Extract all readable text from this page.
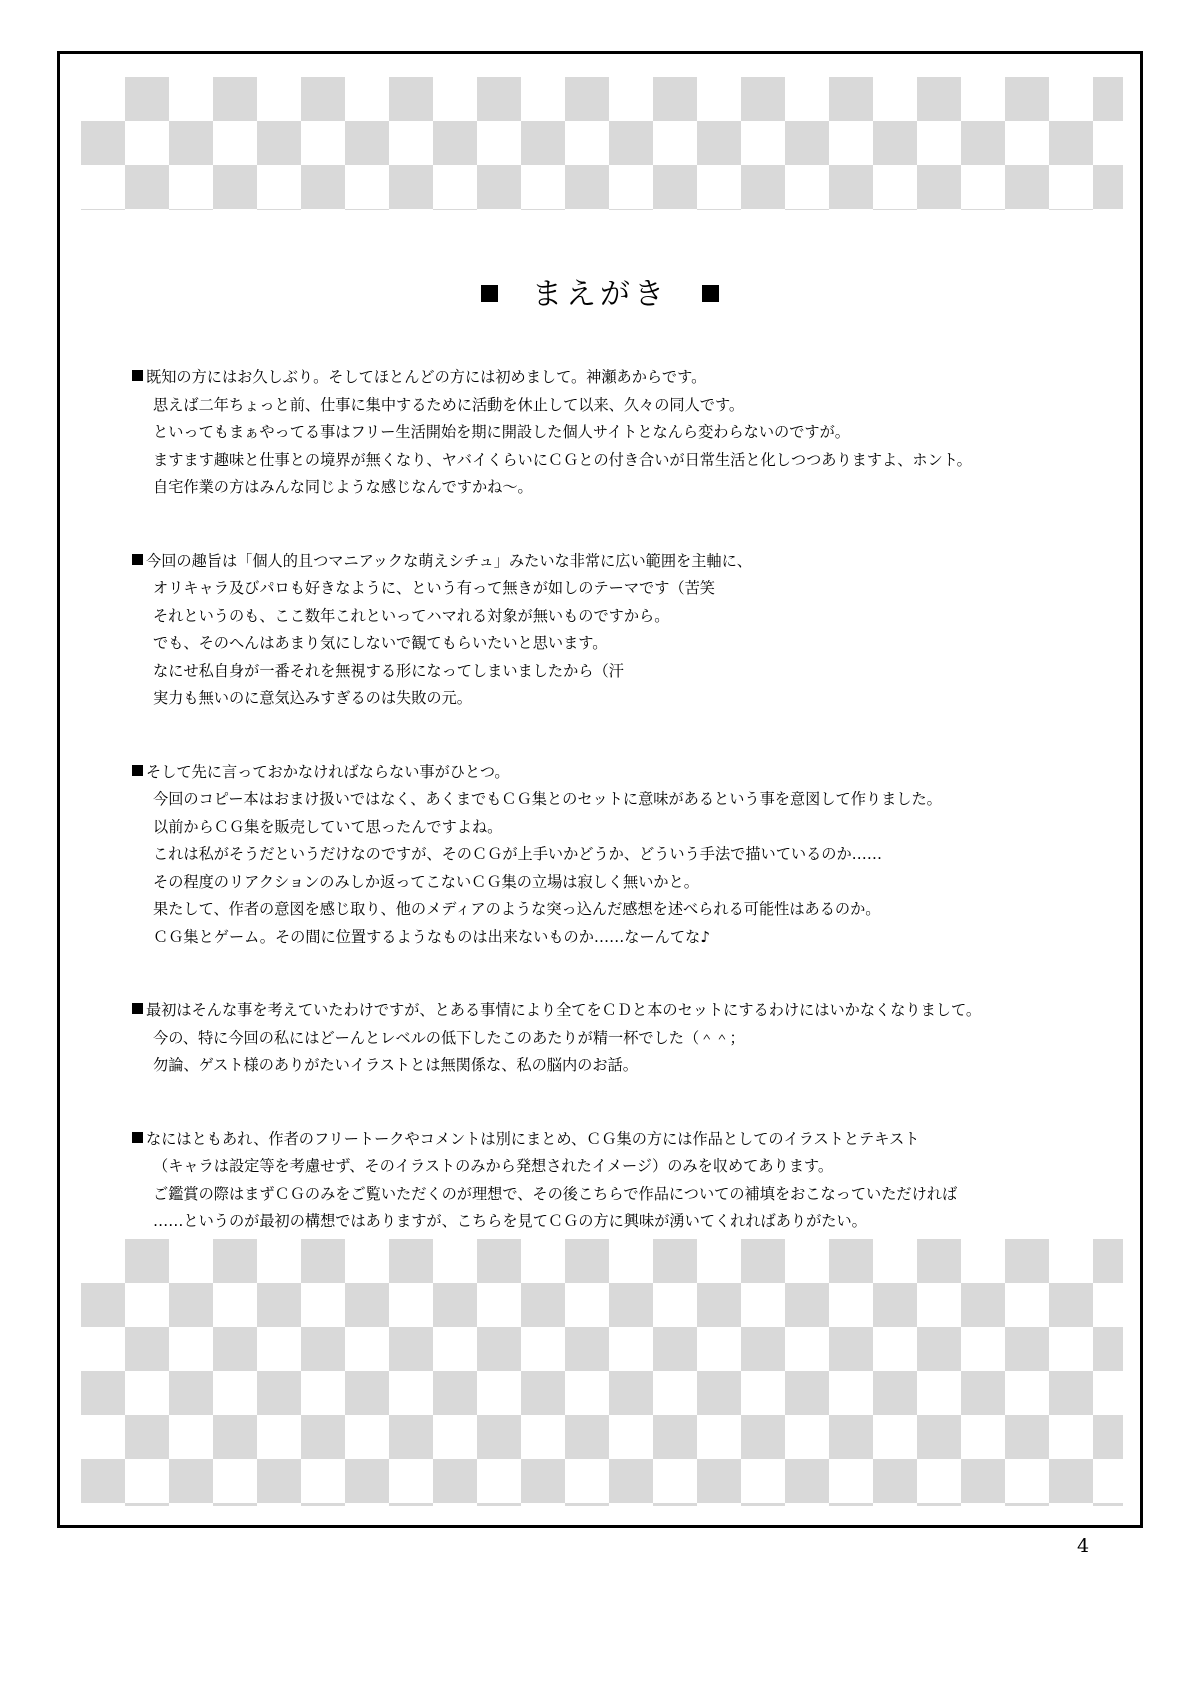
まえがき
既知の方にはお久しぶり。そしてほとんどの方には初めまして。神瀬あからです。
思えば二年ちょっと前、仕事に集中するために活動を休止して以来、久々の同人です。
といってもまぁやってる事はフリー生活開始を期に開設した個人サイトとなんら変わらないのですが。
ますます趣味と仕事との境界が無くなり、ヤバイくらいにＣＧとの付き合いが日常生活と化しつつありますよ、ホント。
自宅作業の方はみんな同じような感じなんですかね〜。
今回の趣旨は「個人的且つマニアックな萌えシチュ」みたいな非常に広い範囲を主軸に、
オリキャラ及びパロも好きなように、という有って無きが如しのテーマです（苦笑
それというのも、ここ数年これといってハマれる対象が無いものですから。
でも、そのへんはあまり気にしないで観てもらいたいと思います。
なにせ私自身が一番それを無視する形になってしまいましたから（汗
実力も無いのに意気込みすぎるのは失敗の元。
そして先に言っておかなければならない事がひとつ。
今回のコピー本はおまけ扱いではなく、あくまでもＣＧ集とのセットに意味があるという事を意図して作りました。
以前からＣＧ集を販売していて思ったんですよね。
これは私がそうだというだけなのですが、そのＣＧが上手いかどうか、どういう手法で描いているのか‥‥‥
その程度のリアクションのみしか返ってこないＣＧ集の立場は寂しく無いかと。
果たして、作者の意図を感じ取り、他のメディアのような突っ込んだ感想を述べられる可能性はあるのか。
ＣＧ集とゲーム。その間に位置するようなものは出来ないものか‥‥‥なーんてな♪
最初はそんな事を考えていたわけですが、とある事情により全てをＣＤと本のセットにするわけにはいかなくなりまして。
今の、特に今回の私にはどーんとレベルの低下したこのあたりが精一杯でした（＾＾；
勿論、ゲスト様のありがたいイラストとは無関係な、私の脳内のお話。
なにはともあれ、作者のフリートークやコメントは別にまとめ、ＣＧ集の方には作品としてのイラストとテキスト
（キャラは設定等を考慮せず、そのイラストのみから発想されたイメージ）のみを収めてあります。
ご鑑賞の際はまずＣＧのみをご覧いただくのが理想で、その後こちらで作品についての補填をおこなっていただければ
‥‥‥というのが最初の構想ではありますが、こちらを見てＣＧの方に興味が湧いてくれればありがたい。
4
